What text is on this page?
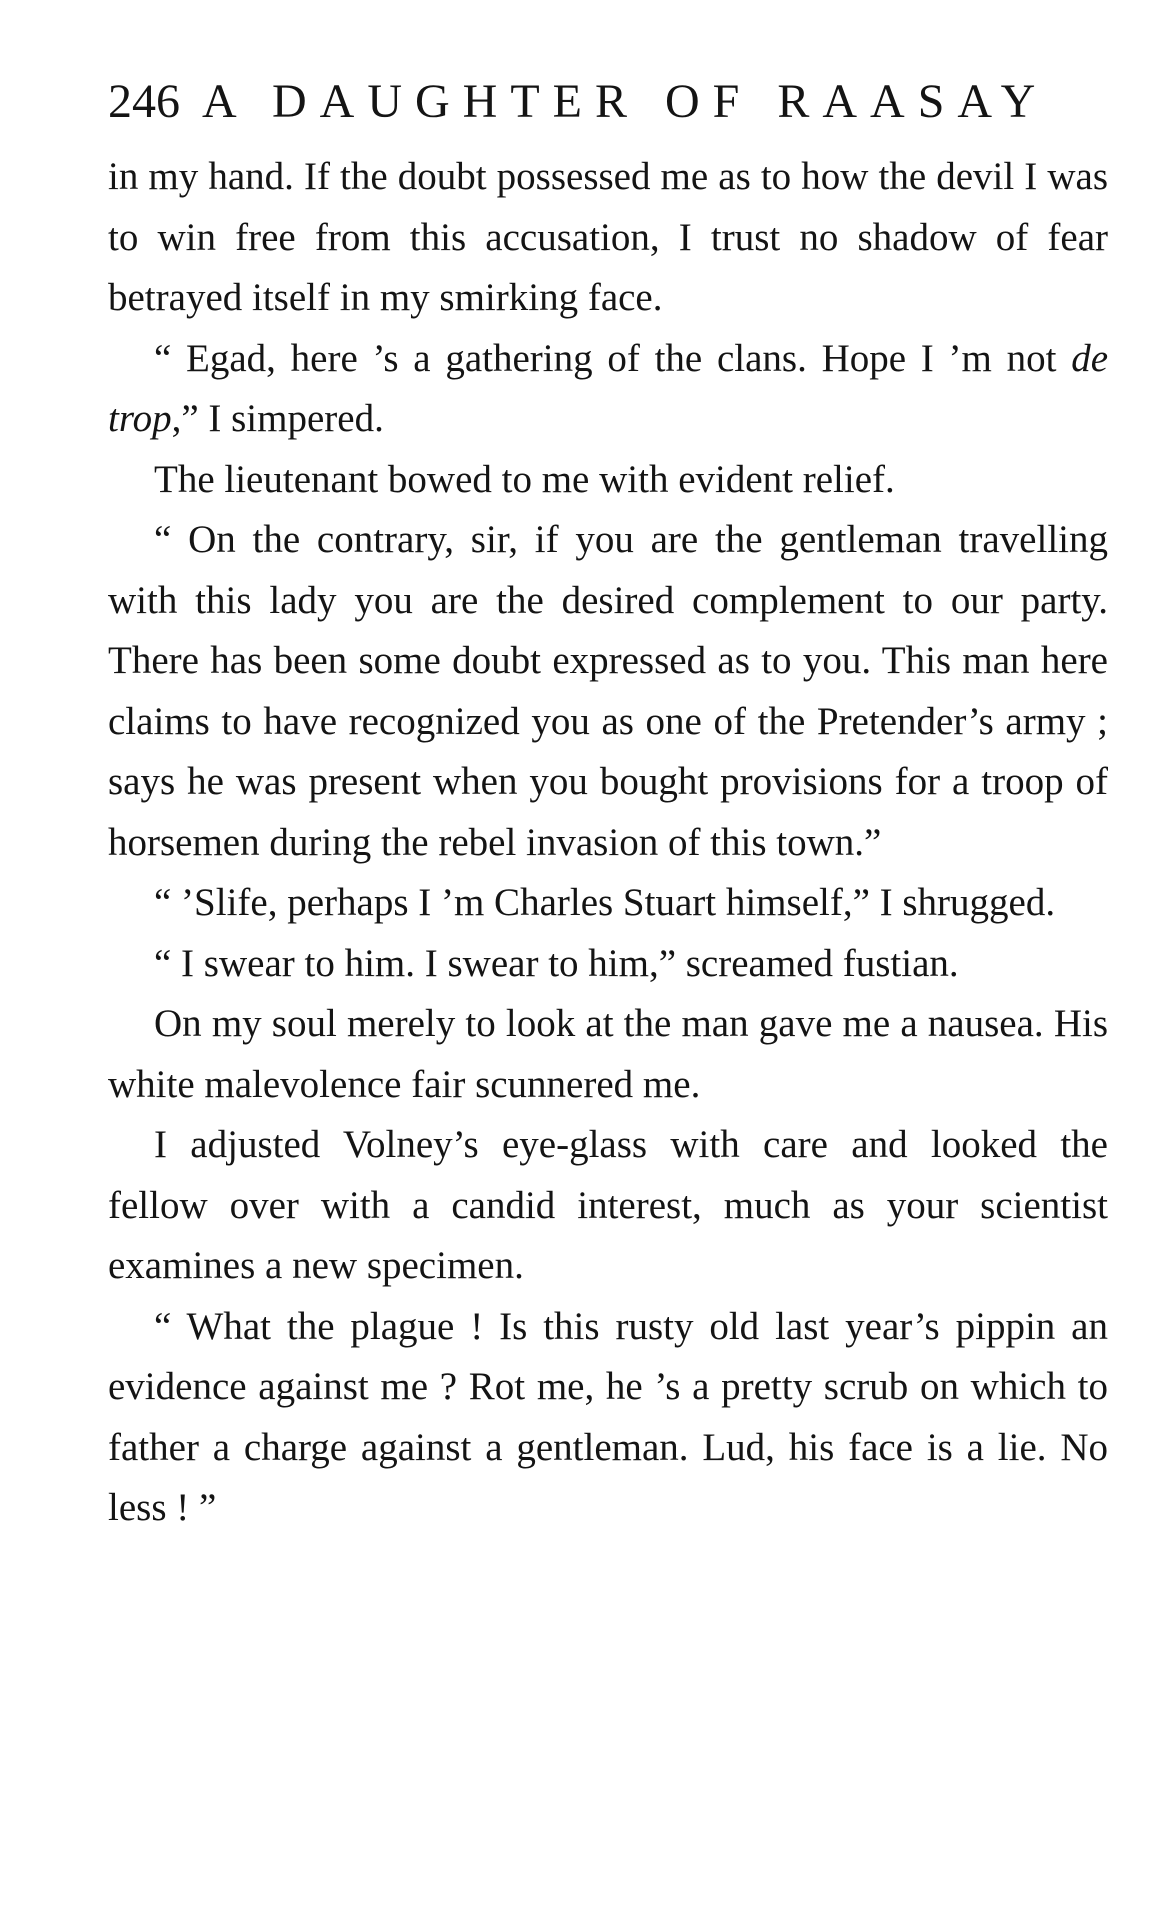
246 A DAUGHTER OF RAASAY

in my hand. If the doubt possessed me as to how the devil I was to win free from this accusation, I trust no shadow of fear betrayed itself in my smirking face.

“ Egad, here ’s a gathering of the clans. Hope I ’m not de trop,” I simpered.

The lieutenant bowed to me with evident relief.

“ On the contrary, sir, if you are the gentleman travelling with this lady you are the desired complement to our party. There has been some doubt expressed as to you. This man here claims to have recognized you as one of the Pretender’s army ; says he was present when you bought provisions for a troop of horsemen during the rebel invasion of this town.”

“ ’Slife, perhaps I ’m Charles Stuart himself,” I shrugged.

“ I swear to him. I swear to him,” screamed fustian.

On my soul merely to look at the man gave me a nausea. His white malevolence fair scunnered me.

I adjusted Volney’s eye-glass with care and looked the fellow over with a candid interest, much as your scientist examines a new specimen.

“ What the plague ! Is this rusty old last year’s pippin an evidence against me ? Rot me, he ’s a pretty scrub on which to father a charge against a gentleman. Lud, his face is a lie. No less ! ”
